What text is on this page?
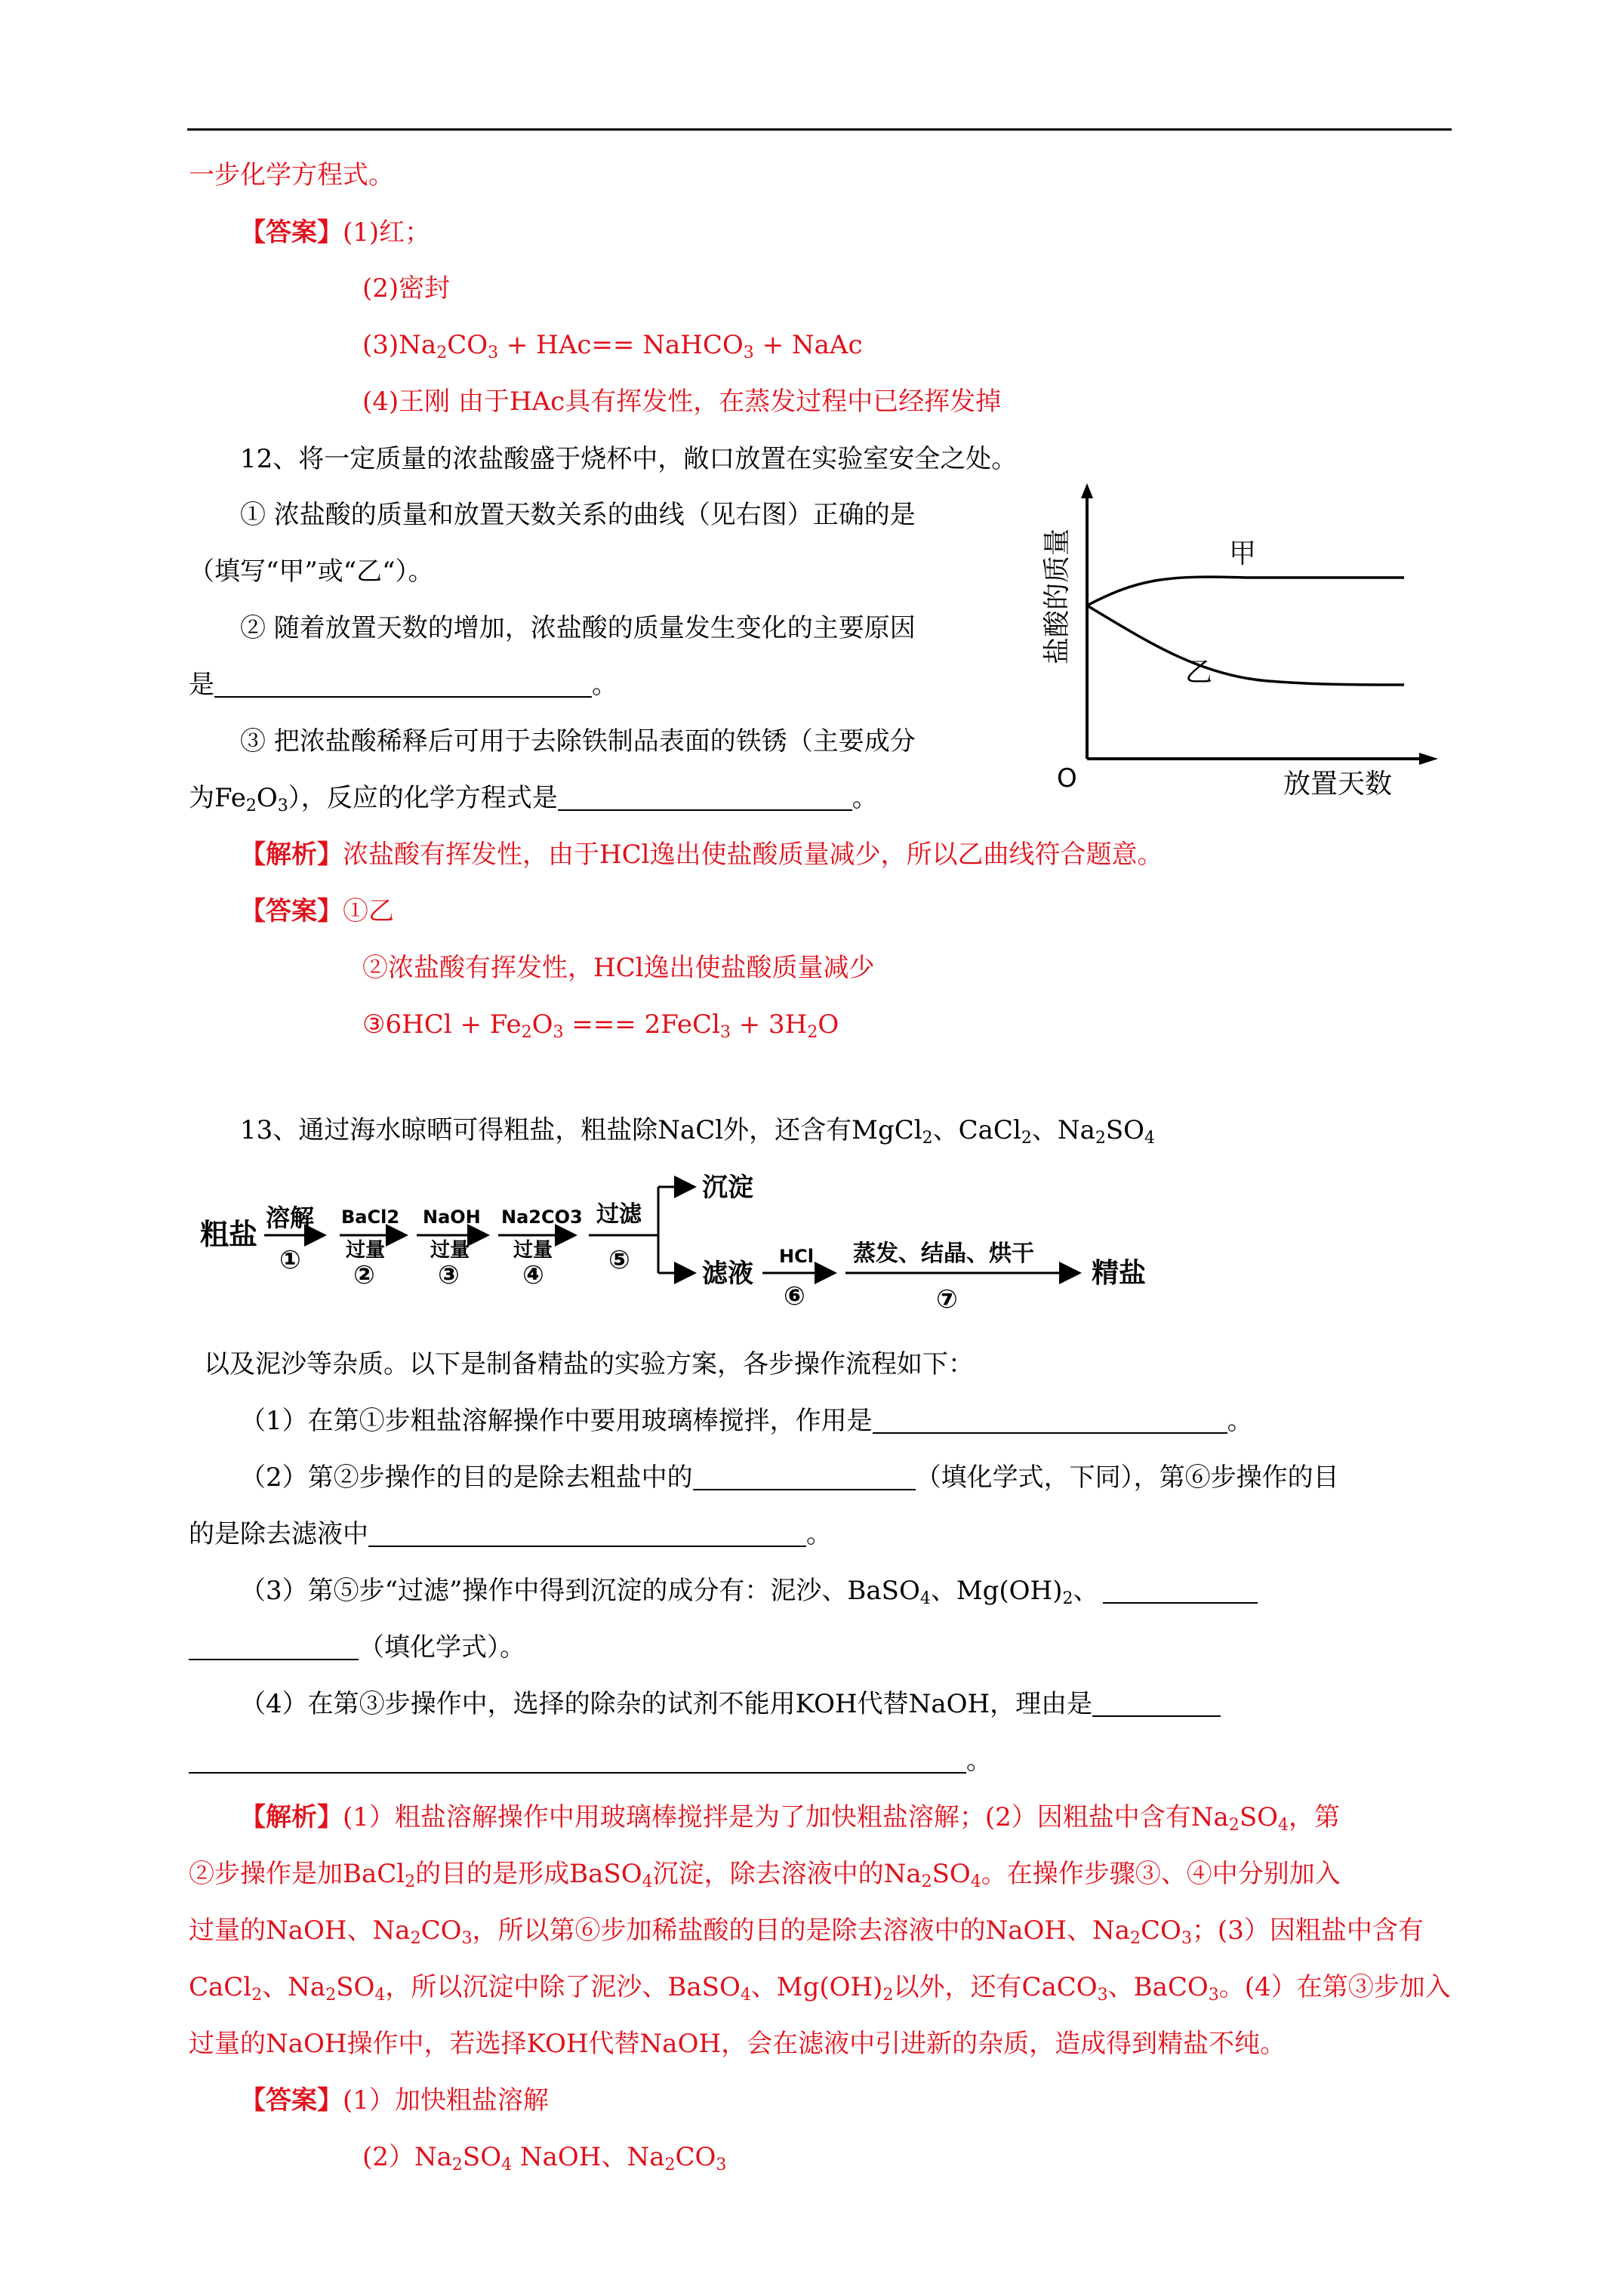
一步化学方程式。
【答案】(1)红；
(2)密封
$(3)Na_2CO_3 + HAc==$ NaHCO$_3$ + NaAc
(4)王刚 由于HAc具有挥发性，在蒸发过程中已经挥发掉
12、将一定质量的浓盐酸盛于烧杯中，敞口放置在实验室安全之处。
① 浓盐酸的质量和放置天数关系的曲线（见右图）正确的是
（填写“甲”或“乙“）。
② 随着放置天数的增加，浓盐酸的质量发生变化的主要原因
是	。
③ 把浓盐酸稀释后可用于去除铁制品表面的铁锈（主要成分
为$Fe_2O_3$），反应的化学方程式是	。
甲
乙
O	放置天数
盐酸的质量
【解析】浓盐酸有挥发性，由于HCl逸出使盐酸质量减少，所以乙曲线符合题意。
【答案】①乙
②浓盐酸有挥发性，HCl逸出使盐酸质量减少
③6HCl + $Fe_2O_3$ === 2FeCl$_3$ + $3H_2O$
13、通过海水晾晒可得粗盐，粗盐除NaCl外，还含有MgCl$_2$、CaCl$_2$、$Na_2SO_4$
粗盐 溶解
①
BaCl2
过量
②
NaOH
过量
③
Na2CO3
过量
④
过滤
⑤
沉淀
滤液
HCl
⑥
蒸发、结晶、烘干
⑦
精盐
以及泥沙等杂质。以下是制备精盐的实验方案，各步操作流程如下：
（1）在第①步粗盐溶解操作中要用玻璃棒搅拌，作用是	。
（2）第②步操作的目的是除去粗盐中的	（填化学式，下同），第⑥步操作的目
的是除去滤液中	。
（3）第⑤步“过滤”操作中得到沉淀的成分有：泥沙、BaSO$_4$、$Mg(OH)_2$、
（填化学式）。
（4）在第③步操作中，选择的除杂的试剂不能用KOH代替NaOH，理由是
。
【解析】(1）粗盐溶解操作中用玻璃棒搅拌是为了加快粗盐溶解；(2）因粗盐中含有$Na_2SO_4$，第
②步操作是加BaCl$_2$的目的是形成BaSO$_4$沉淀，除去溶液中的$Na_2SO_4$。在操作步骤③、④中分别加入
过量的NaOH、$Na_2CO_3$，所以第⑥步加稀盐酸的目的是除去溶液中的NaOH、$Na_2CO_3$；(3）因粗盐中含有
CaCl$_2$、$Na_2SO_4$，所以沉淀中除了泥沙、BaSO$_4$、$Mg(OH)_2$以外，还有CaCO$_3$、BaCO$_3$。(4）在第③步加入
过量的NaOH操作中，若选择KOH代替NaOH，会在滤液中引进新的杂质，造成得到精盐不纯。
【答案】(1）加快粗盐溶解
$(2)Na_2SO_4$ NaOH、$Na_2CO_3$
